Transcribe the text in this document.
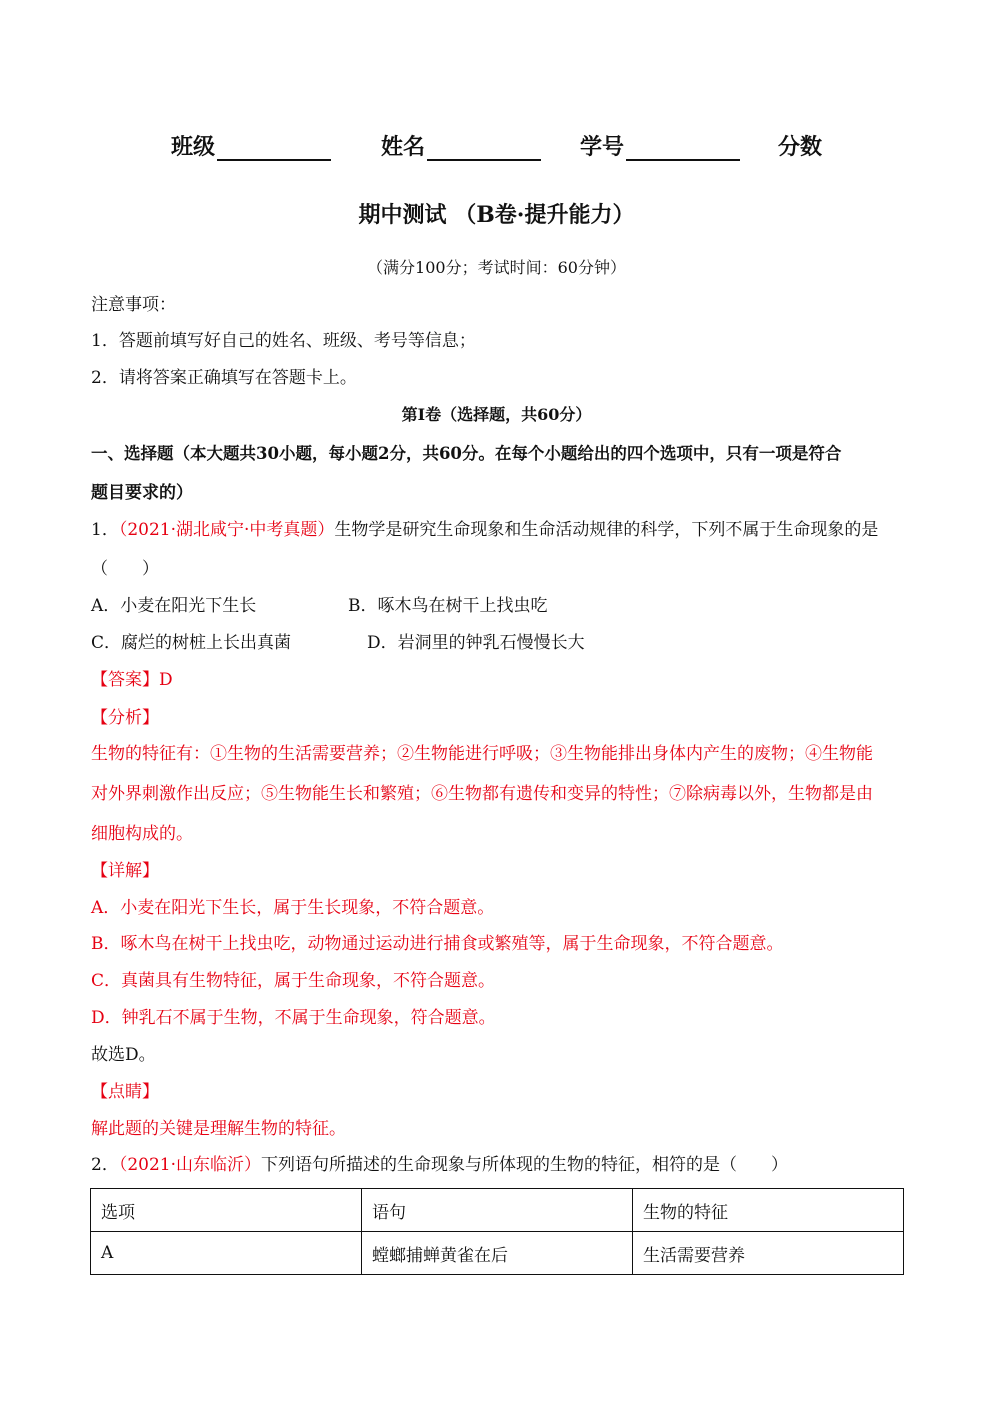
班级	姓名	学号	分数
期中测试 （B卷·提升能力）
（满分100分；考试时间：60分钟）
注意事项：
1．答题前填写好自己的姓名、班级、考号等信息；
2．请将答案正确填写在答题卡上。
第I卷（选择题，共60分）
一、选择题（本大题共30小题，每小题2分，共60分。在每个小题给出的四个选项中，只有一项是符合
题目要求的）
1．（2021·湖北咸宁·中考真题）生物学是研究生命现象和生命活动规律的科学，下列不属于生命现象的是
（　　）
A．小麦在阳光下生长	B．啄木鸟在树干上找虫吃
C．腐烂的树桩上长出真菌	D．岩洞里的钟乳石慢慢长大
【答案】D
【分析】
生物的特征有：①生物的生活需要营养；②生物能进行呼吸；③生物能排出身体内产生的废物；④生物能
对外界刺激作出反应；⑤生物能生长和繁殖；⑥生物都有遗传和变异的特性；⑦除病毒以外，生物都是由
细胞构成的。
【详解】
A．小麦在阳光下生长，属于生长现象，不符合题意。
B．啄木鸟在树干上找虫吃，动物通过运动进行捕食或繁殖等，属于生命现象，不符合题意。
C．真菌具有生物特征，属于生命现象，不符合题意。
D．钟乳石不属于生物，不属于生命现象，符合题意。
故选D。
【点睛】
解此题的关键是理解生物的特征。
2．（2021·山东临沂）下列语句所描述的生命现象与所体现的生物的特征，相符的是（　　）
选项	语句	生物的特征
A	螳螂捕蝉黄雀在后	生活需要营养
